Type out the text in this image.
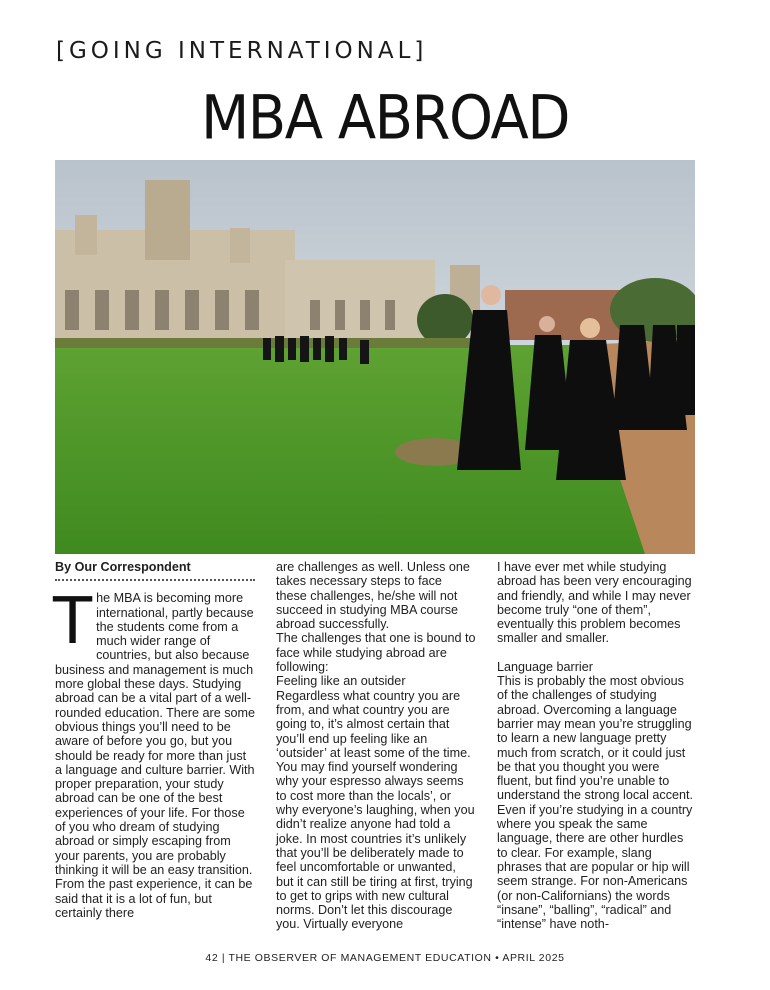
[GOING INTERNATIONAL]
MBA ABROAD
By Our Correspondent

The MBA is becoming more international, partly because the students come from a much wider range of countries, but also because business and management is much more global these days. Studying abroad can be a vital part of a well-rounded education. There are some obvious things you’ll need to be aware of before you go, but you should be ready for more than just a language and culture barrier. With proper preparation, your study abroad can be one of the best experiences of your life. For those of you who dream of studying abroad or simply escaping from your parents, you are probably thinking it will be an easy transition. From the past experience, it can be said that it is a lot of fun, but certainly there

are challenges as well. Unless one takes necessary steps to face these challenges, he/she will not succeed in studying MBA course abroad successfully.

The challenges that one is bound to face while studying abroad are following:

Feeling like an outsider

Regardless what country you are from, and what country you are going to, it’s almost certain that you’ll end up feeling like an ‘outsider’ at least some of the time. You may find yourself wondering why your espresso always seems to cost more than the locals’, or why everyone’s laughing, when you didn’t realize anyone had told a joke. In most countries it’s unlikely that you’ll be deliberately made to feel uncomfortable or unwanted, but it can still be tiring at first, trying to get to grips with new cultural norms. Don’t let this discourage you. Virtually everyone

I have ever met while studying abroad has been very encouraging and friendly, and while I may never become truly “one of them”, eventually this problem becomes smaller and smaller.

Language barrier

This is probably the most obvious of the challenges of studying abroad. Overcoming a language barrier may mean you’re struggling to learn a new language pretty much from scratch, or it could just be that you thought you were fluent, but find you’re unable to understand the strong local accent. Even if you’re studying in a country where you speak the same language, there are other hurdles to clear. For example, slang phrases that are popular or hip will seem strange. For non-Americans (or non-Californians) the words “insane”, “balling”, “radical” and “intense” have noth-

42 | THE OBSERVER OF MANAGEMENT EDUCATION • APRIL 2025
